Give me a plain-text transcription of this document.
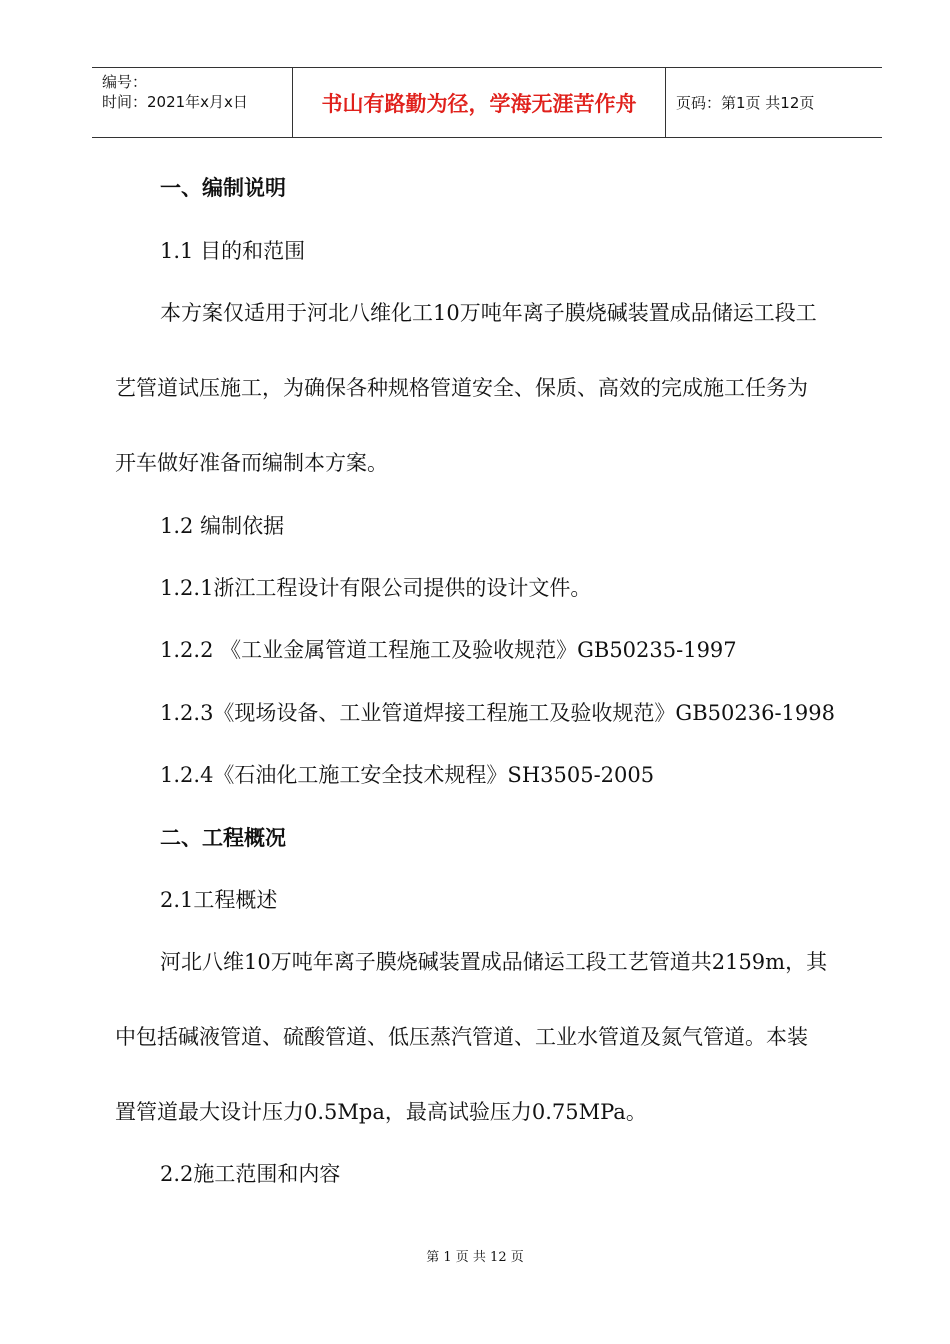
编号：
时间：2021年x月x日	书山有路勤为径，学海无涯苦作舟	页码：第1页 共12页
一、编制说明
1.1 目的和范围
本方案仅适用于河北八维化工10万吨年离子膜烧碱装置成品储运工段工
艺管道试压施工，为确保各种规格管道安全、保质、高效的完成施工任务为
开车做好准备而编制本方案。
1.2 编制依据
1.2.1浙江工程设计有限公司提供的设计文件。
1.2.2 《工业金属管道工程施工及验收规范》GB50235-1997
1.2.3《现场设备、工业管道焊接工程施工及验收规范》GB50236-1998
1.2.4《石油化工施工安全技术规程》SH3505-2005
二、工程概况
2.1工程概述
河北八维10万吨年离子膜烧碱装置成品储运工段工艺管道共2159m，其
中包括碱液管道、硫酸管道、低压蒸汽管道、工业水管道及氮气管道。本装
置管道最大设计压力0.5Mpa，最高试验压力0.75MPa。
2.2施工范围和内容
第 1 页 共 12 页
